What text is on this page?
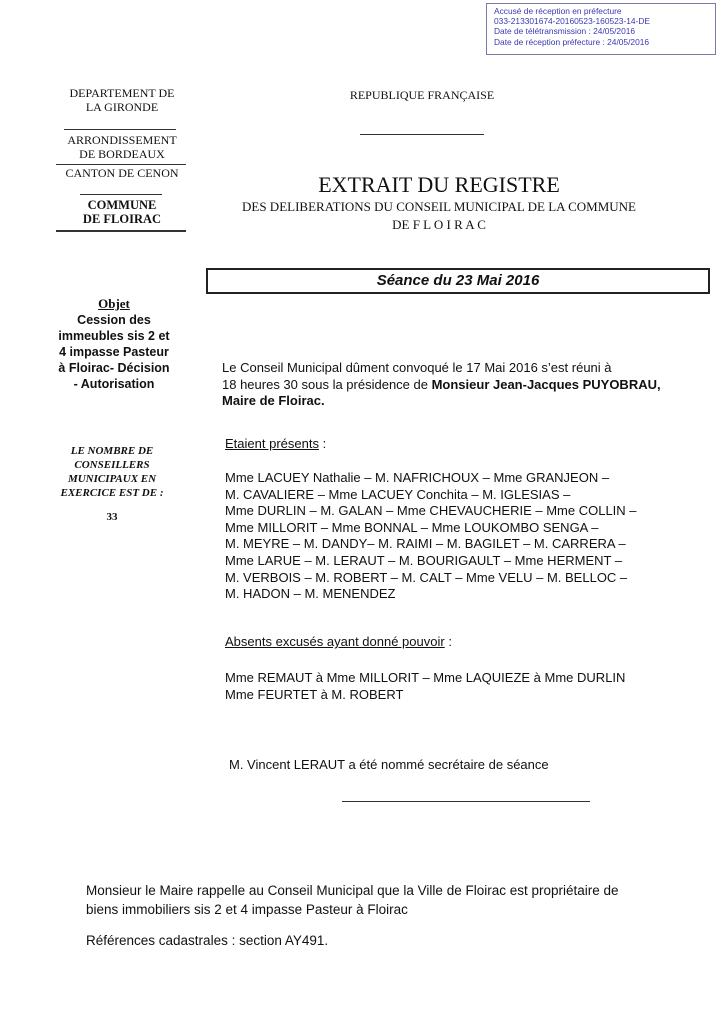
Accusé de réception en préfecture
033-213301674-20160523-160523-14-DE
Date de télétransmission : 24/05/2016
Date de réception préfecture : 24/05/2016
DEPARTEMENT DE
LA GIRONDE
ARRONDISSEMENT
DE BORDEAUX
CANTON DE CENON
COMMUNE
DE FLOIRAC
REPUBLIQUE FRANÇAISE
EXTRAIT DU REGISTRE
DES DELIBERATIONS DU CONSEIL MUNICIPAL DE LA COMMUNE
DE F L O I R A C
Séance du 23 Mai 2016
Objet
Cession des
immeubles sis 2 et
4 impasse Pasteur
à Floirac- Décision
- Autorisation
LE NOMBRE DE
CONSEILLERS
MUNICIPAUX EN
EXERCICE EST DE :
33
Le Conseil Municipal dûment convoqué le 17 Mai 2016 s’est réuni à
18 heures 30 sous la présidence de Monsieur Jean-Jacques PUYOBRAU,
Maire de Floirac.
Etaient présents :
Mme LACUEY Nathalie – M. NAFRICHOUX – Mme GRANJEON –
M. CAVALIERE – Mme LACUEY Conchita – M. IGLESIAS –
Mme DURLIN – M. GALAN – Mme CHEVAUCHERIE – Mme COLLIN –
Mme MILLORIT – Mme BONNAL – Mme LOUKOMBO SENGA –
M. MEYRE – M. DANDY– M. RAIMI – M. BAGILET – M. CARRERA –
Mme LARUE – M. LERAUT – M. BOURIGAULT – Mme HERMENT –
M. VERBOIS – M. ROBERT – M. CALT – Mme VELU – M. BELLOC –
M. HADON – M. MENENDEZ
Absents excusés ayant donné pouvoir :
Mme REMAUT à Mme MILLORIT – Mme LAQUIEZE à Mme DURLIN
Mme FEURTET à M. ROBERT
M. Vincent LERAUT a été nommé secrétaire de séance
Monsieur le Maire rappelle au Conseil Municipal que la Ville de Floirac est propriétaire de
biens immobiliers sis 2 et 4 impasse Pasteur à Floirac
Références cadastrales : section AY491.
